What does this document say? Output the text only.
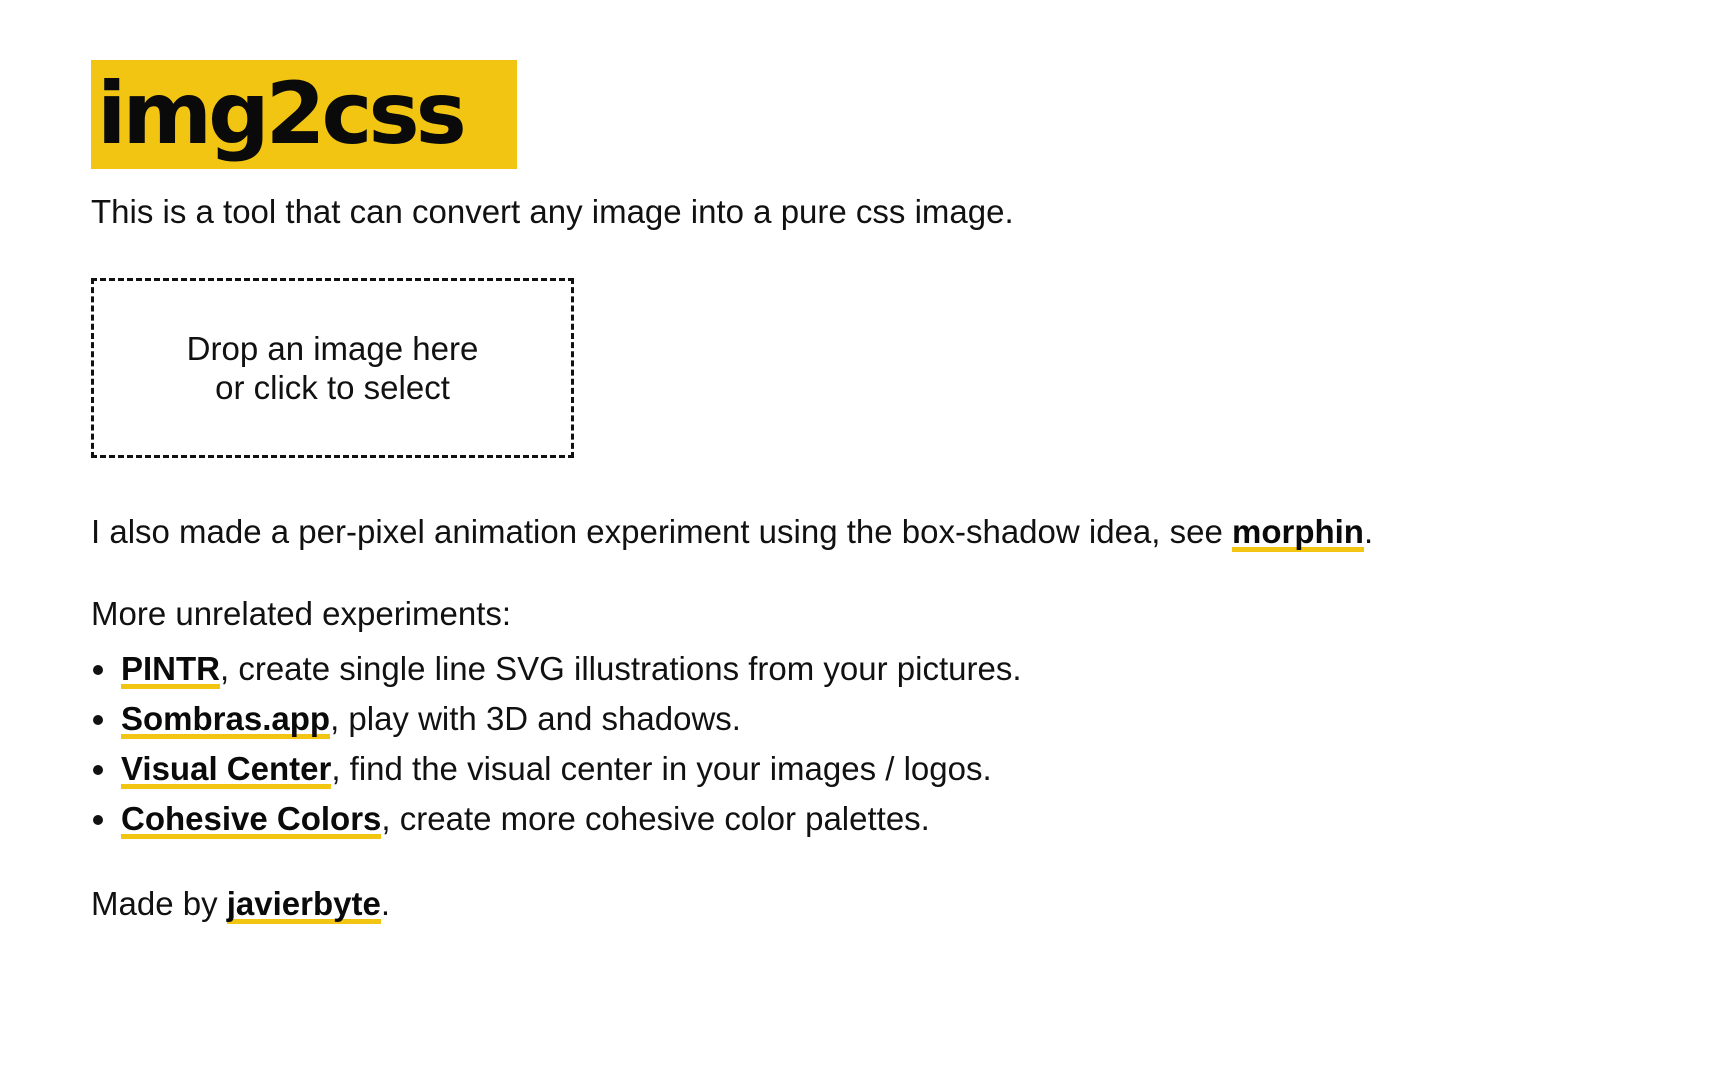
img2css

This is a tool that can convert any image into a pure css image.

Drop an image here
or click to select

I also made a per-pixel animation experiment using the box-shadow idea, see morphin.

More unrelated experiments:

PINTR, create single line SVG illustrations from your pictures.
Sombras.app, play with 3D and shadows.
Visual Center, find the visual center in your images / logos.
Cohesive Colors, create more cohesive color palettes.

Made by javierbyte.
